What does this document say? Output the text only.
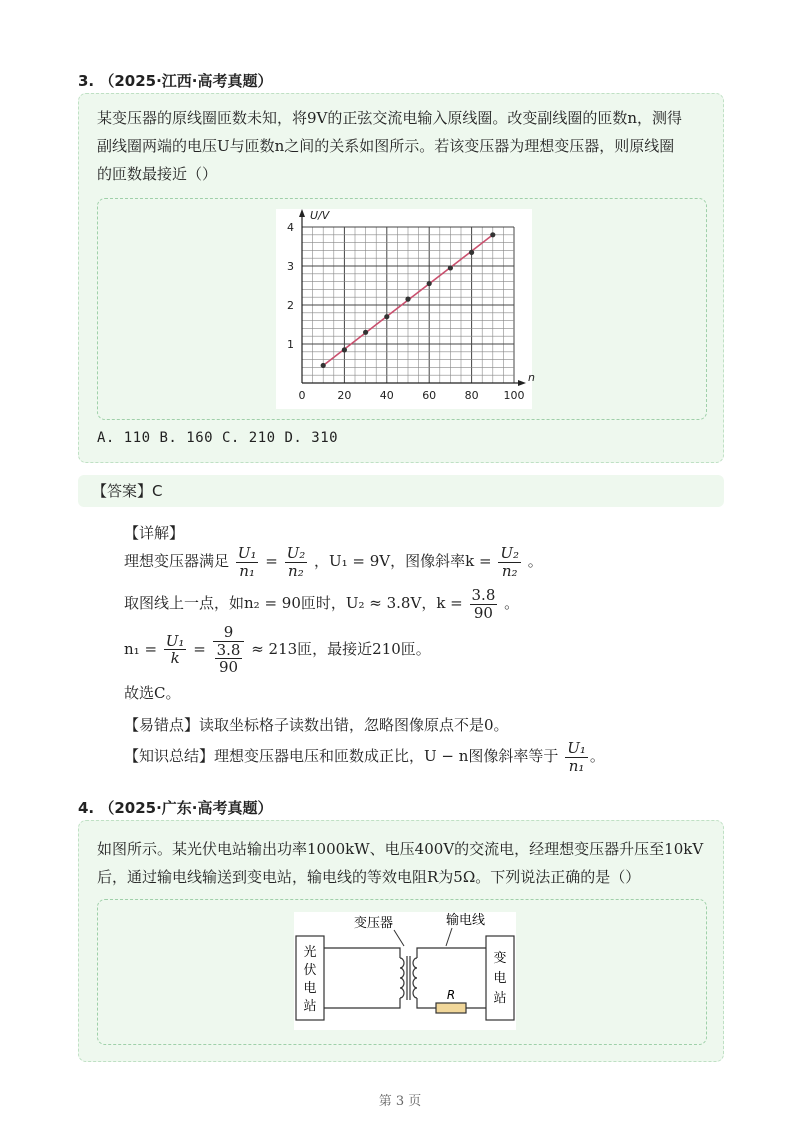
3. （2025·江西·高考真题）
某变压器的原线圈匝数未知，将9V的正弦交流电输入原线圈。改变副线圈的匝数n，测得
副线圈两端的电压U与匝数n之间的关系如图所示。若该变压器为理想变压器，则原线圈
的匝数最接近（）
0	20	40	60	80 100
1
2
3
4
n
U/V
A. 110 B. 160 C. 210 D. 310
【答案】C
【详解】
理想变压器满足 $\frac{\text{U₁}}{\text{n₁}} = \frac{\text{U₂}}{\text{n₂}}$ ，U₁ = 9V，图像斜率$k = \frac{\text{U₂}}{\text{n₂}}$ 。
取图线上一点，如n₂ = 90匝时，U₂ ≈ 3.8V，$k = \frac{3.8}{90}$ 。
$n_1 = \frac{\text{U₁}}{k} = \frac{9}{\frac{3.8}{90}} \approx 213$匝，最接近210匝。
故选C。
【易错点】读取坐标格子读数出错，忽略图像原点不是0。
【知识总结】理想变压器电压和匝数成正比，U − n图像斜率等于 $\frac{\text{U₁}}{\text{n₁}}$ 。
4. （2025·广东·高考真题）
如图所示。某光伏电站输出功率1000kW、电压400V的交流电，经理想变压器升压至10kV
后，通过输电线输送到变电站，输电线的等效电阻R为5Ω。下列说法正确的是（）
光
伏
电
站
变
电
站
R
变压器	输电线
第 3 页
